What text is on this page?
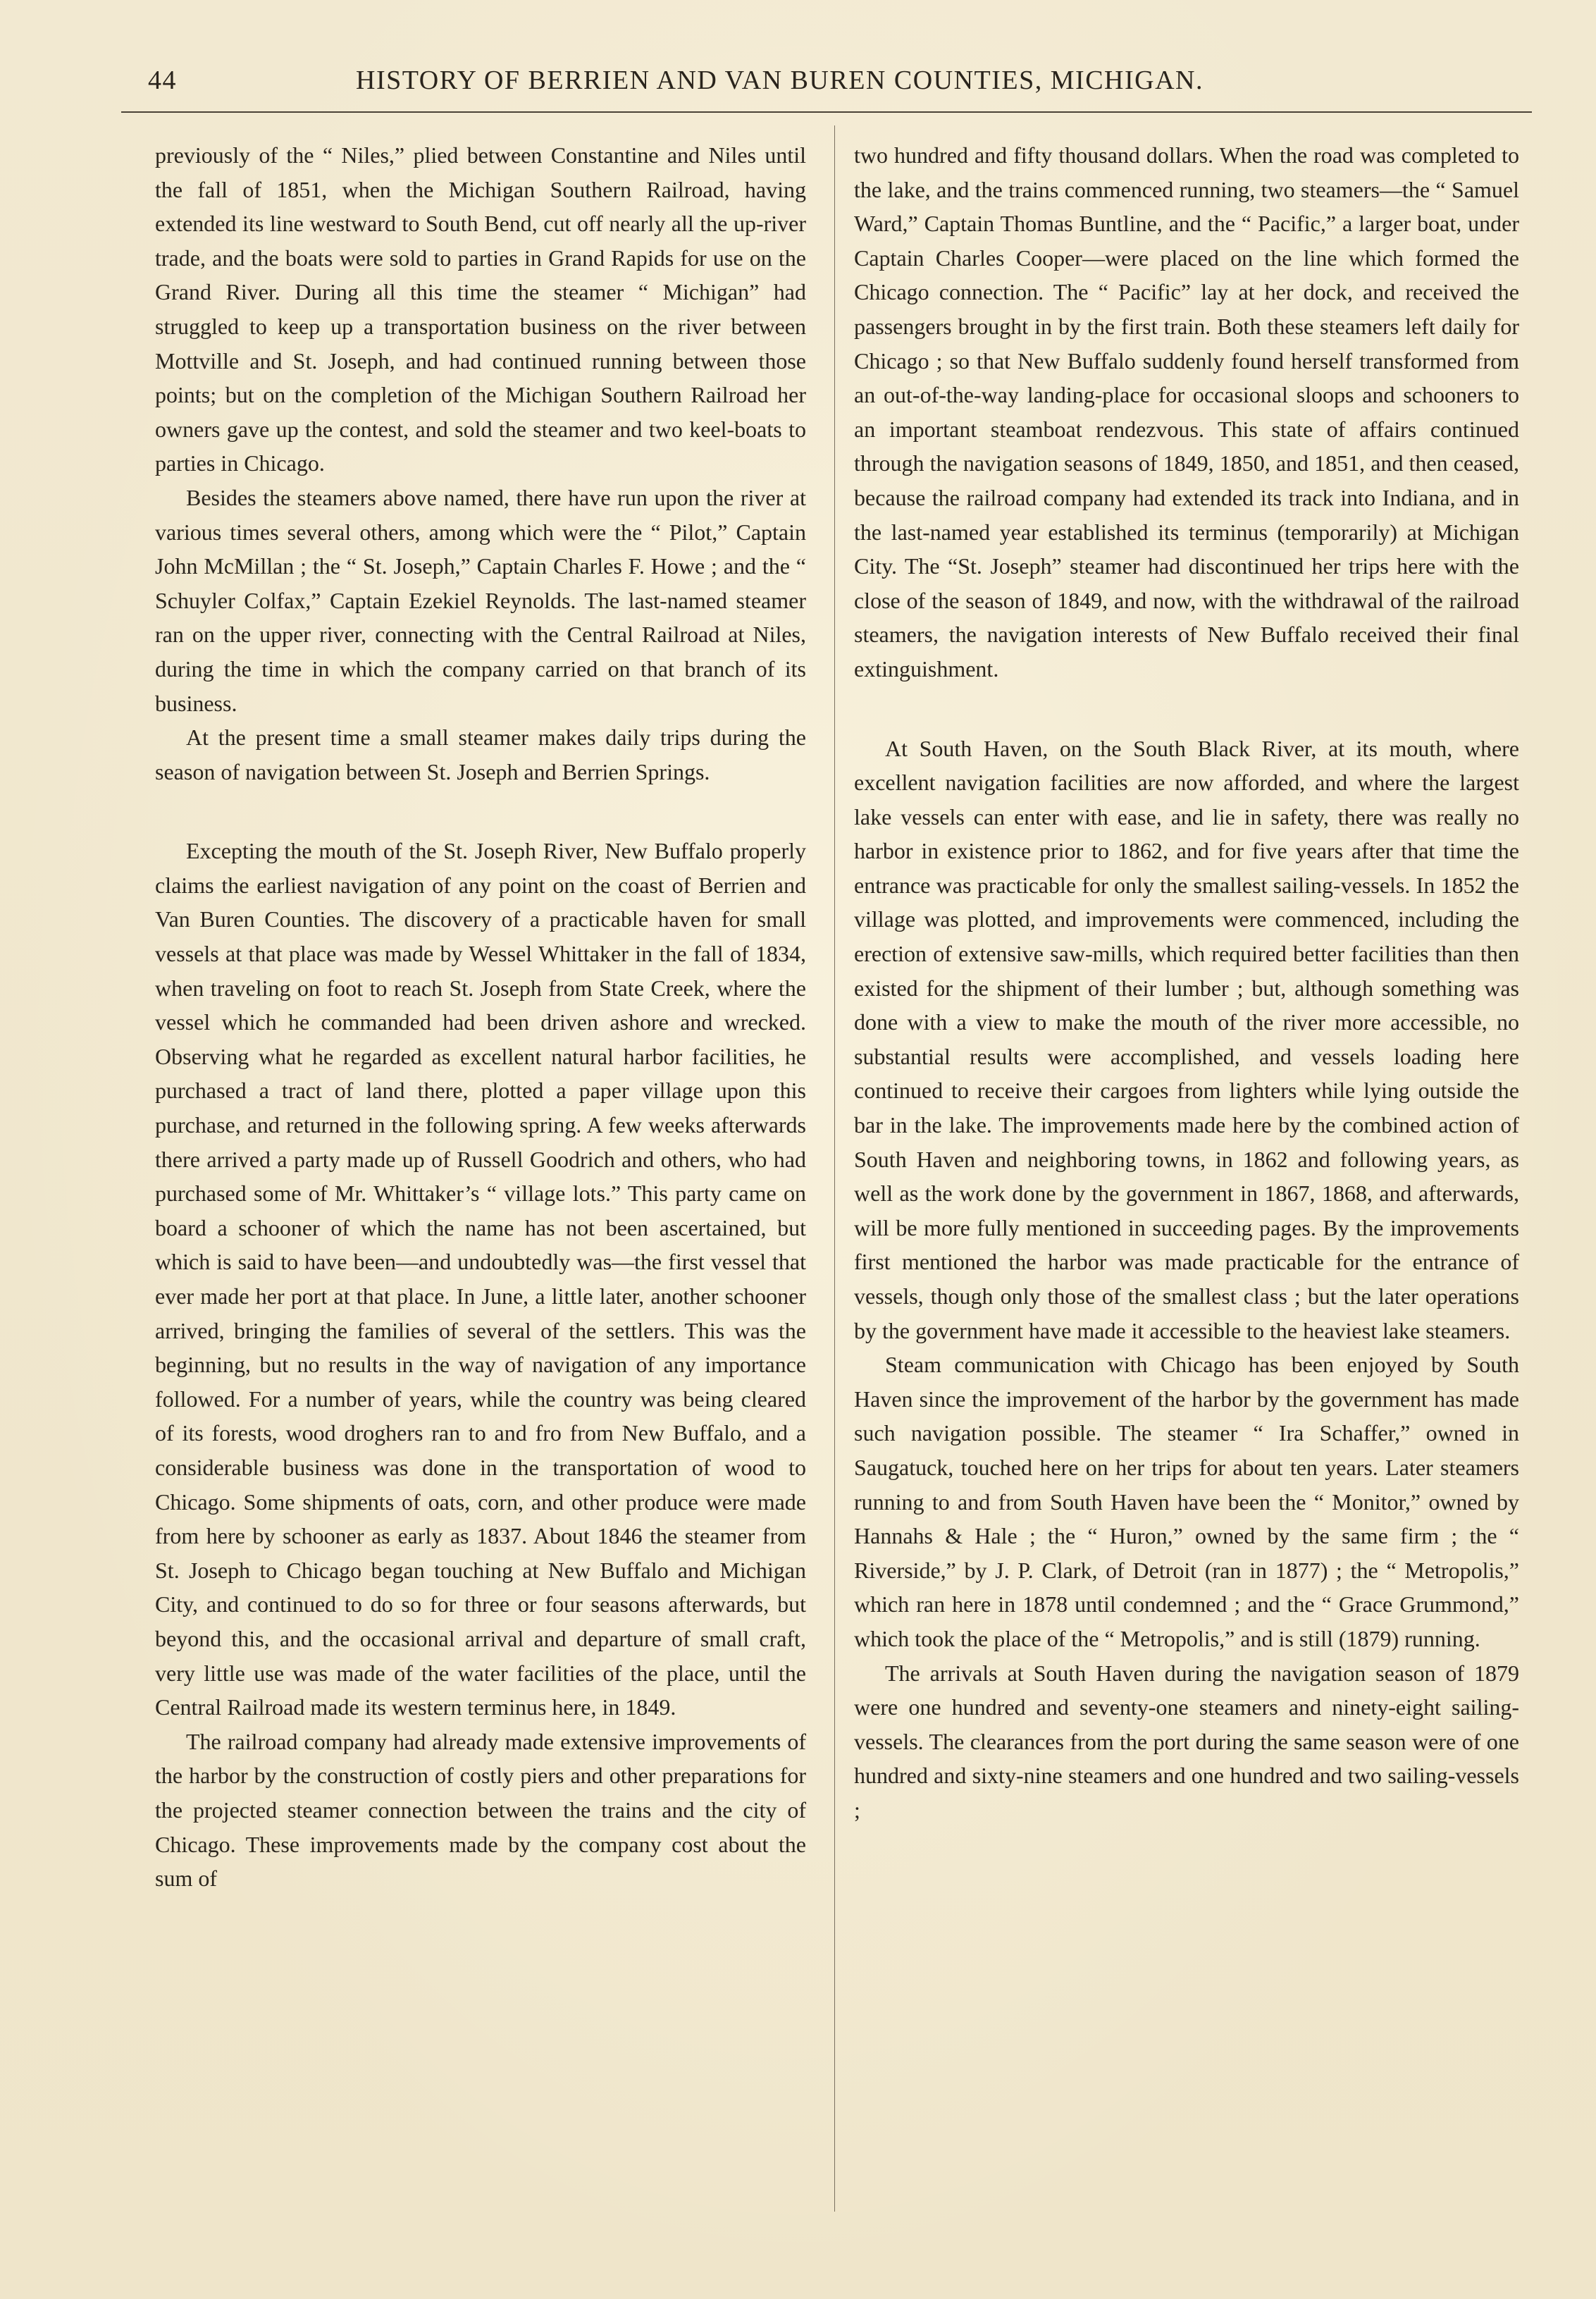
44	HISTORY OF BERRIEN AND VAN BUREN COUNTIES, MICHIGAN.

previously of the “ Niles,” plied between Constantine and Niles until the fall of 1851, when the Michigan Southern Railroad, having extended its line westward to South Bend, cut off nearly all the up-river trade, and the boats were sold to parties in Grand Rapids for use on the Grand River. During all this time the steamer “ Michigan” had struggled to keep up a transportation business on the river between Mottville and St. Joseph, and had continued running between those points; but on the completion of the Michigan Southern Railroad her owners gave up the contest, and sold the steamer and two keel-boats to parties in Chicago.

Besides the steamers above named, there have run upon the river at various times several others, among which were the “ Pilot,” Captain John McMillan ; the “ St. Joseph,” Captain Charles F. Howe ; and the “ Schuyler Colfax,” Captain Ezekiel Reynolds. The last-named steamer ran on the upper river, connecting with the Central Railroad at Niles, during the time in which the company carried on that branch of its business.

At the present time a small steamer makes daily trips during the season of navigation between St. Joseph and Berrien Springs.

Excepting the mouth of the St. Joseph River, New Buffalo properly claims the earliest navigation of any point on the coast of Berrien and Van Buren Counties. The discovery of a practicable haven for small vessels at that place was made by Wessel Whittaker in the fall of 1834, when traveling on foot to reach St. Joseph from State Creek, where the vessel which he commanded had been driven ashore and wrecked. Observing what he regarded as excellent natural harbor facilities, he purchased a tract of land there, plotted a paper village upon this purchase, and returned in the following spring. A few weeks afterwards there arrived a party made up of Russell Goodrich and others, who had purchased some of Mr. Whittaker’s “ village lots.” This party came on board a schooner of which the name has not been ascertained, but which is said to have been—and undoubtedly was—the first vessel that ever made her port at that place. In June, a little later, another schooner arrived, bringing the families of several of the settlers. This was the beginning, but no results in the way of navigation of any importance followed. For a number of years, while the country was being cleared of its forests, wood droghers ran to and fro from New Buffalo, and a considerable business was done in the transportation of wood to Chicago. Some shipments of oats, corn, and other produce were made from here by schooner as early as 1837. About 1846 the steamer from St. Joseph to Chicago began touching at New Buffalo and Michigan City, and continued to do so for three or four seasons afterwards, but beyond this, and the occasional arrival and departure of small craft, very little use was made of the water facilities of the place, until the Central Railroad made its western terminus here, in 1849.

The railroad company had already made extensive improvements of the harbor by the construction of costly piers and other preparations for the projected steamer connection between the trains and the city of Chicago. These improvements made by the company cost about the sum of

two hundred and fifty thousand dollars. When the road was completed to the lake, and the trains commenced running, two steamers—the “ Samuel Ward,” Captain Thomas Buntline, and the “ Pacific,” a larger boat, under Captain Charles Cooper—were placed on the line which formed the Chicago connection. The “ Pacific” lay at her dock, and received the passengers brought in by the first train. Both these steamers left daily for Chicago ; so that New Buffalo suddenly found herself transformed from an out-of-the-way landing-place for occasional sloops and schooners to an important steamboat rendezvous. This state of affairs continued through the navigation seasons of 1849, 1850, and 1851, and then ceased, because the railroad company had extended its track into Indiana, and in the last-named year established its terminus (temporarily) at Michigan City. The “St. Joseph” steamer had discontinued her trips here with the close of the season of 1849, and now, with the withdrawal of the railroad steamers, the navigation interests of New Buffalo received their final extinguishment.

At South Haven, on the South Black River, at its mouth, where excellent navigation facilities are now afforded, and where the largest lake vessels can enter with ease, and lie in safety, there was really no harbor in existence prior to 1862, and for five years after that time the entrance was practicable for only the smallest sailing-vessels. In 1852 the village was plotted, and improvements were commenced, including the erection of extensive saw-mills, which required better facilities than then existed for the shipment of their lumber ; but, although something was done with a view to make the mouth of the river more accessible, no substantial results were accomplished, and vessels loading here continued to receive their cargoes from lighters while lying outside the bar in the lake. The improvements made here by the combined action of South Haven and neighboring towns, in 1862 and following years, as well as the work done by the government in 1867, 1868, and afterwards, will be more fully mentioned in succeeding pages. By the improvements first mentioned the harbor was made practicable for the entrance of vessels, though only those of the smallest class ; but the later operations by the government have made it accessible to the heaviest lake steamers.

Steam communication with Chicago has been enjoyed by South Haven since the improvement of the harbor by the government has made such navigation possible. The steamer “ Ira Schaffer,” owned in Saugatuck, touched here on her trips for about ten years. Later steamers running to and from South Haven have been the “ Monitor,” owned by Hannahs & Hale ; the “ Huron,” owned by the same firm ; the “ Riverside,” by J. P. Clark, of Detroit (ran in 1877) ; the “ Metropolis,” which ran here in 1878 until condemned ; and the “ Grace Grummond,” which took the place of the “ Metropolis,” and is still (1879) running.

The arrivals at South Haven during the navigation season of 1879 were one hundred and seventy-one steamers and ninety-eight sailing-vessels. The clearances from the port during the same season were of one hundred and sixty-nine steamers and one hundred and two sailing-vessels ;
